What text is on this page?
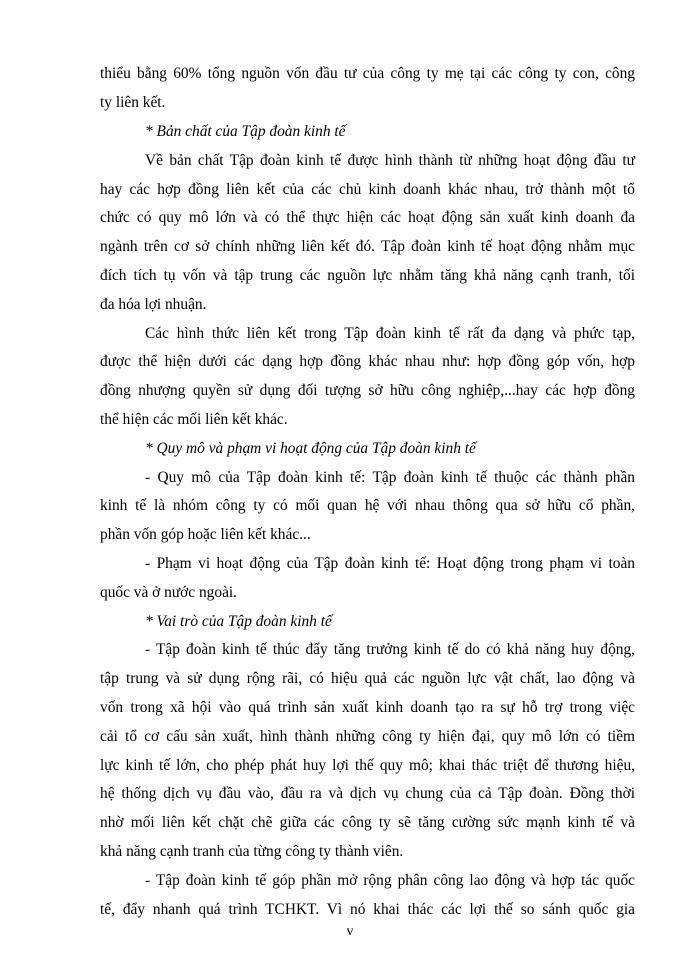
thiểu bằng 60% tổng nguồn vốn đầu tư của công ty mẹ tại các công ty con, công
ty liên kết.
* Bản chất của Tập đoàn kinh tế
Về bản chất Tập đoàn kinh tế được hình thành từ những hoạt động đầu tư
hay các hợp đồng liên kết của các chủ kinh doanh khác nhau, trở thành một tổ
chức có quy mô lớn và có thể thực hiện các hoạt động sản xuất kinh doanh đa
ngành trên cơ sở chính những liên kết đó. Tập đoàn kinh tế hoạt động nhằm mục
đích tích tụ vốn và tập trung các nguồn lực nhằm tăng khả năng cạnh tranh, tối
đa hóa lợi nhuận.
Các hình thức liên kết trong Tập đoàn kinh tế rất đa dạng và phức tạp,
được thể hiện dưới các dạng hợp đồng khác nhau như: hợp đồng góp vốn, hợp
đồng nhượng quyền sử dụng đối tượng sở hữu công nghiệp,...hay các hợp đồng
thể hiện các mối liên kết khác.
* Quy mô và phạm vi hoạt động của Tập đoàn kinh tế
- Quy mô của Tập đoàn kinh tế: Tập đoàn kinh tế thuộc các thành phần
kinh tế là nhóm công ty có mối quan hệ với nhau thông qua sở hữu cổ phần,
phần vốn góp hoặc liên kết khác...
- Phạm vi hoạt động của Tập đoàn kinh tế: Hoạt động trong phạm vi toàn
quốc và ở nước ngoài.
* Vai trò của Tập đoàn kinh tế
- Tập đoàn kinh tế thúc đẩy tăng trưởng kinh tế do có khả năng huy động,
tập trung và sử dụng rộng rãi, có hiệu quả các nguồn lực vật chất, lao động và
vốn trong xã hội vào quá trình sản xuất kinh doanh tạo ra sự hỗ trợ trong việc
cải tổ cơ cấu sản xuất, hình thành những công ty hiện đại, quy mô lớn có tiềm
lực kinh tế lớn, cho phép phát huy lợi thế quy mô; khai thác triệt để thương hiệu,
hệ thống dịch vụ đầu vào, đầu ra và dịch vụ chung của cả Tập đoàn. Đồng thời
nhờ mối liên kết chặt chẽ giữa các công ty sẽ tăng cường sức mạnh kinh tế và
khả năng cạnh tranh của từng công ty thành viên.
- Tập đoàn kinh tế góp phần mở rộng phân công lao động và hợp tác quốc
tế, đẩy nhanh quá trình TCHKT. Vì nó khai thác các lợi thế so sánh quốc gia
v
